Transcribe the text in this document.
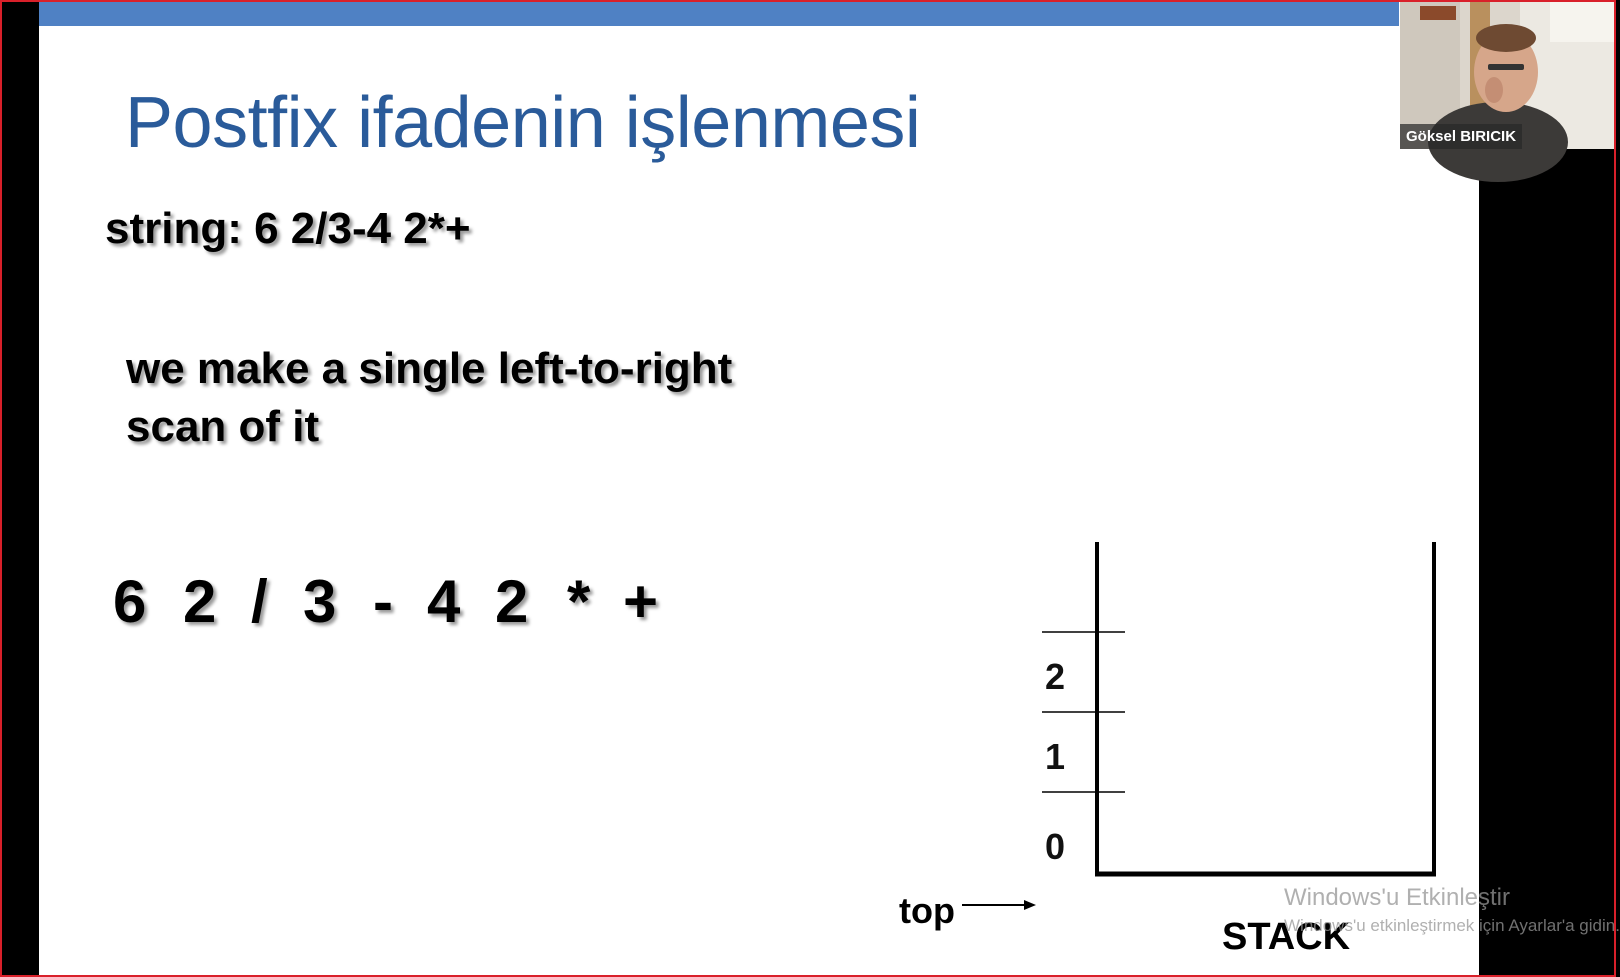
Postfix ifadenin işlenmesi
string: 6 2/3-4 2*+
we make a single left-to-right
scan of it
6 2 / 3 - 4 2 * +
2
1
0
top
STACK
Windows'u Etkinleştir
Windows'u etkinleştirmek için Ayarlar'a gidin.
Göksel BIRICIK
